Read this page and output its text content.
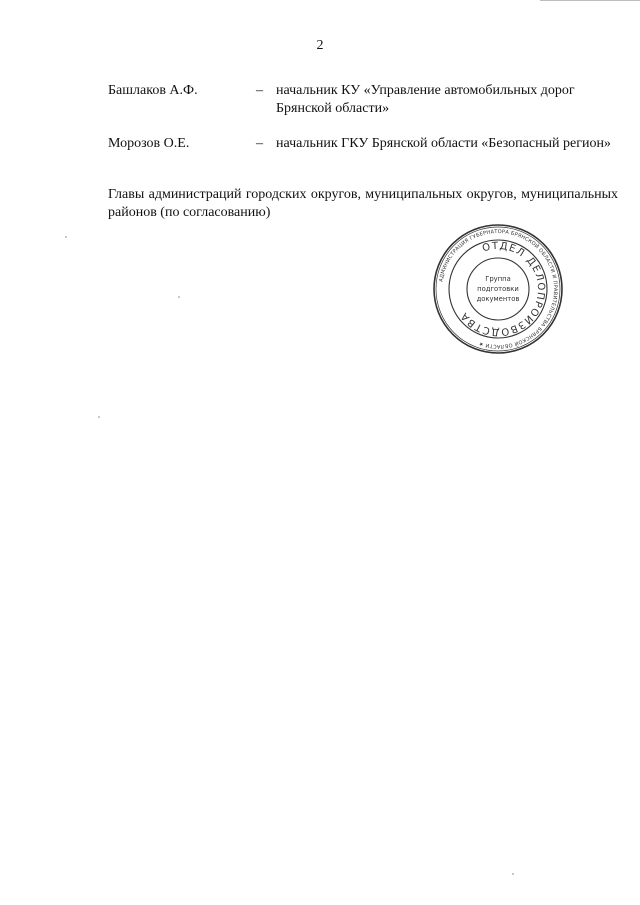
2
Башлаков А.Ф.	– начальник КУ «Управление автомобильных дорог Брянской области»
Морозов О.Е.	– начальник ГКУ Брянской области «Безопасный регион»
Главы администраций городских округов, муниципальных округов, муниципальных районов (по согласованию)
АДМИНИСТРАЦИЯ ГУБЕРНАТОРА БРЯНСКОЙ ОБЛАСТИ И ПРАВИТЕЛЬСТВА БРЯНСКОЙ ОБЛАСТИ ★
ОТДЕЛ ДЕЛОПРОИЗВОДСТВА
Группа
подготовки
документов
